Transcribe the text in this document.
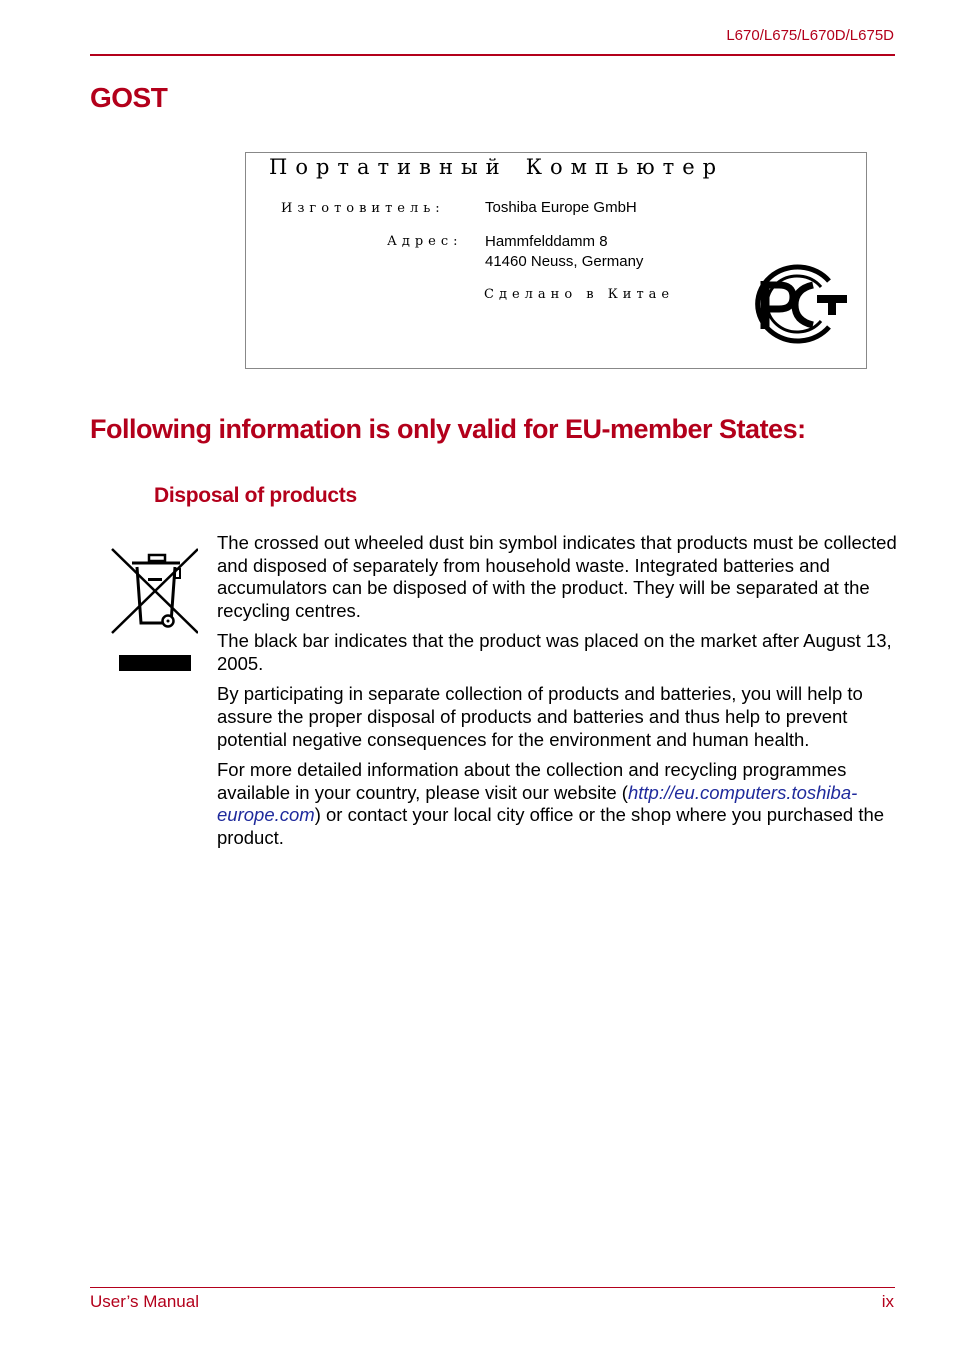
L670/L675/L670D/L675D
GOST
Портативный Компьютер
Изготовитель:	Toshiba Europe GmbH
Адрес: Hammfelddamm 8
41460 Neuss, Germany
Сделано в Китае
Following information is only valid for EU-member States:
Disposal of products

The crossed out wheeled dust bin symbol indicates that products must be collected and disposed of separately from household waste. Integrated batteries and accumulators can be disposed of with the product. They will be separated at the recycling centres.

The black bar indicates that the product was placed on the market after August 13, 2005.

By participating in separate collection of products and batteries, you will help to assure the proper disposal of products and batteries and thus help to prevent potential negative consequences for the environment and human health.

For more detailed information about the collection and recycling programmes available in your country, please visit our website (http://eu.computers.toshiba-europe.com) or contact your local city office or the shop where you purchased the product.

User’s Manual	ix
